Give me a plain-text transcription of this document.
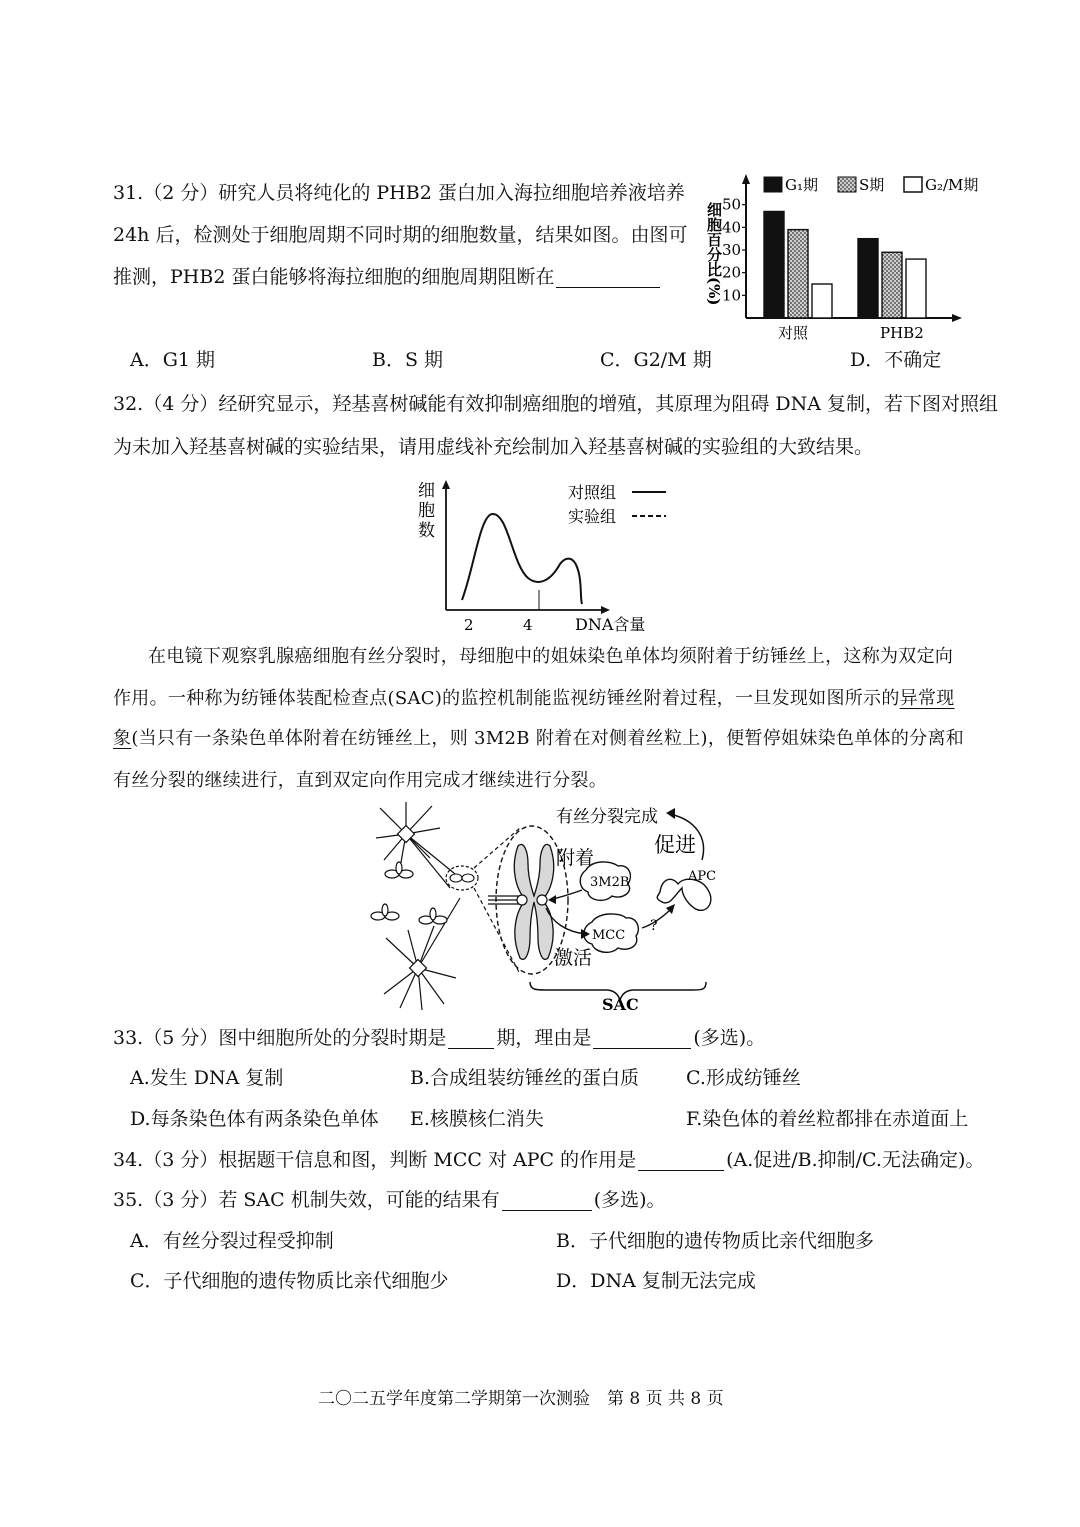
31.（2 分）研究人员将纯化的 PHB2 蛋白加入海拉细胞培养液培养
24h 后，检测处于细胞周期不同时期的细胞数量，结果如图。由图可
推测，PHB2 蛋白能够将海拉细胞的细胞周期阻断在
A．G1 期	B．S 期	C．G2/M 期	D．不确定
细胞百分比(%) 10
20
30
40
50
对照	PHB2
G₁期	S期	G₂/M期
32.（4 分）经研究显示，羟基喜树碱能有效抑制癌细胞的增殖，其原理为阻碍 DNA 复制，若下图对照组
为未加入羟基喜树碱的实验结果，请用虚线补充绘制加入羟基喜树碱的实验组的大致结果。
细
胞
数
2	4	DNA含量
对照组
实验组
在电镜下观察乳腺癌细胞有丝分裂时，母细胞中的姐妹染色单体均须附着于纺锤丝上，这称为双定向
作用。一种称为纺锤体装配检查点(SAC)的监控机制能监视纺锤丝附着过程，一旦发现如图所示的异常现
象(当只有一条染色单体附着在纺锤丝上，则 3M2B 附着在对侧着丝粒上)，便暂停姐妹染色单体的分离和
有丝分裂的继续进行，直到双定向作用完成才继续进行分裂。
3M2B
附着
MCC
激活
?
APC
促进
有丝分裂完成
SAC
33.（5 分）图中细胞所处的分裂时期是	期，理由是	(多选)。
A.发生 DNA 复制	B.合成组装纺锤丝的蛋白质 C.形成纺锤丝
D.每条染色体有两条染色单体 E.核膜核仁消失	F.染色体的着丝粒都排在赤道面上
34.（3 分）根据题干信息和图，判断 MCC 对 APC 的作用是	(A.促进/B.抑制/C.无法确定)。
35.（3 分）若 SAC 机制失效，可能的结果有	(多选)。
A．有丝分裂过程受抑制	B．子代细胞的遗传物质比亲代细胞多
C．子代细胞的遗传物质比亲代细胞少	D．DNA 复制无法完成
二〇二五学年度第二学期第一次测验　第 8 页 共 8 页
